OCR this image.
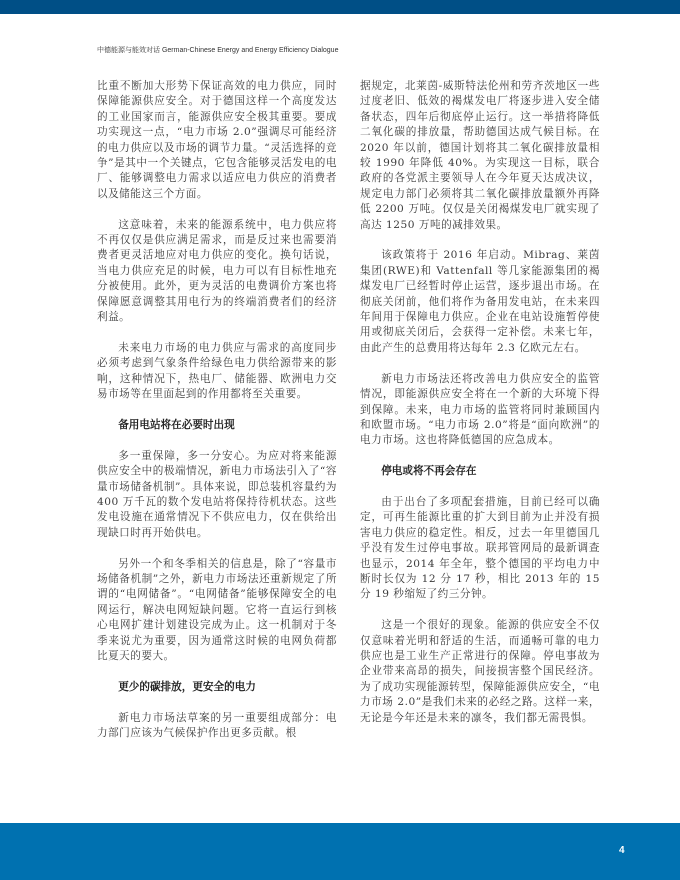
中德能源与能效对话 German-Chinese Energy and Energy Efficiency Dialogue

比重不断加大形势下保证高效的电力供应，同时保障能源供应安全。对于德国这样一个高度发达的工业国家而言，能源供应安全极其重要。要成功实现这一点，“电力市场 2.0”强调尽可能经济的电力供应以及市场的调节力量。“灵活选择的竞争”是其中一个关键点，它包含能够灵活发电的电厂、能够调整电力需求以适应电力供应的消费者以及储能这三个方面。

这意味着，未来的能源系统中，电力供应将不再仅仅是供应满足需求，而是反过来也需要消费者更灵活地应对电力供应的变化。换句话说，当电力供应充足的时候，电力可以有目标性地充分被使用。此外，更为灵活的电费调价方案也将保障愿意调整其用电行为的终端消费者们的经济利益。

未来电力市场的电力供应与需求的高度同步必须考虑到气象条件给绿色电力供给源带来的影响，这种情况下，热电厂、储能器、欧洲电力交易市场等在里面起到的作用都将至关重要。

备用电站将在必要时出现

多一重保障，多一分安心。为应对将来能源供应安全中的极端情况，新电力市场法引入了“容量市场储备机制”。具体来说，即总装机容量约为 400 万千瓦的数个发电站将保持待机状态。这些发电设施在通常情况下不供应电力，仅在供给出现缺口时再开始供电。

另外一个和冬季相关的信息是，除了“容量市场储备机制”之外，新电力市场法还重新规定了所谓的“电网储备”。“电网储备”能够保障安全的电网运行，解决电网短缺问题。它将一直运行到核心电网扩建计划建设完成为止。这一机制对于冬季来说尤为重要，因为通常这时候的电网负荷都比夏天的要大。

更少的碳排放，更安全的电力

新电力市场法草案的另一重要组成部分：电力部门应该为气候保护作出更多贡献。根

据规定，北莱茵-威斯特法伦州和劳齐茨地区一些过度老旧、低效的褐煤发电厂将逐步进入安全储备状态，四年后彻底停止运行。这一举措将降低二氧化碳的排放量，帮助德国达成气候目标。在 2020 年以前，德国计划将其二氧化碳排放量相较 1990 年降低 40%。为实现这一目标，联合政府的各党派主要领导人在今年夏天达成决议，规定电力部门必须将其二氧化碳排放量额外再降低 2200 万吨。仅仅是关闭褐煤发电厂就实现了高达 1250 万吨的减排效果。

该政策将于 2016 年启动。Mibrag、莱茵集团(RWE)和 Vattenfall 等几家能源集团的褐煤发电厂已经暂时停止运营，逐步退出市场。在彻底关闭前，他们将作为备用发电站，在未来四年间用于保障电力供应。企业在电站设施暂停使用或彻底关闭后，会获得一定补偿。未来七年，由此产生的总费用将达每年 2.3 亿欧元左右。

新电力市场法还将改善电力供应安全的监管情况，即能源供应安全将在一个新的大环境下得到保障。未来，电力市场的监管将同时兼顾国内和欧盟市场。“电力市场 2.0”将是“面向欧洲”的电力市场。这也将降低德国的应急成本。

停电或将不再会存在

由于出台了多项配套措施，目前已经可以确定，可再生能源比重的扩大到目前为止并没有损害电力供应的稳定性。相反，过去一年里德国几乎没有发生过停电事故。联邦管网局的最新调查也显示，2014 年全年，整个德国的平均电力中断时长仅为 12 分 17 秒，相比 2013 年的 15 分 19 秒缩短了约三分钟。

这是一个很好的现象。能源的供应安全不仅仅意味着光明和舒适的生活，而通畅可靠的电力供应也是工业生产正常进行的保障。停电事故为企业带来高昂的损失，间接损害整个国民经济。为了成功实现能源转型，保障能源供应安全，“电力市场 2.0”是我们未来的必经之路。这样一来，无论是今年还是未来的凛冬，我们都无需畏惧。

4
